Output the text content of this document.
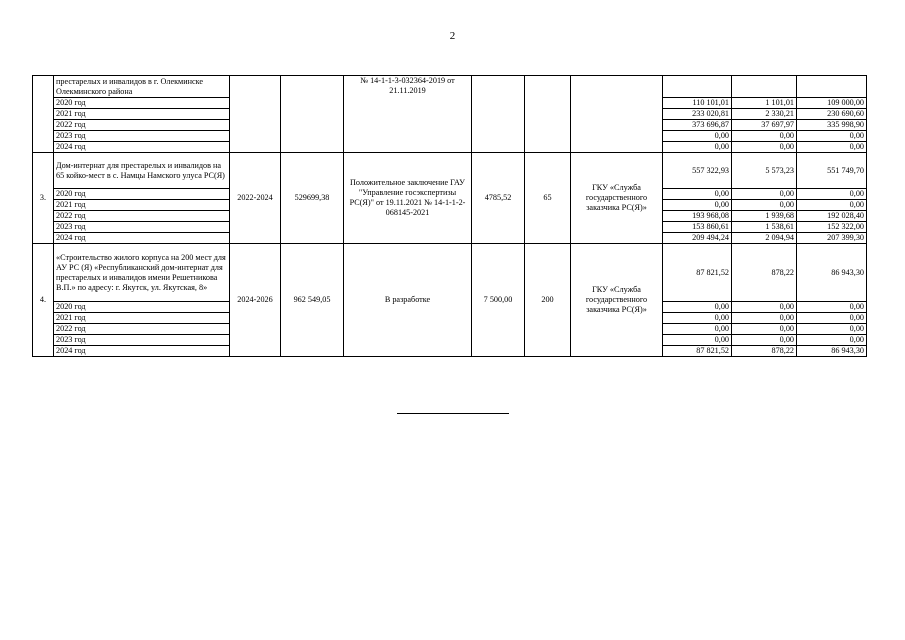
2
	престарелых и инвалидов в г. Олекминске Олекминского района			№ 14-1-1-3-032364-2019 от 21.11.2019						
	2020 год							110 101,01	1 101,01	109 000,00
	2021 год							233 020,81	2 330,21	230 690,60
	2022 год							373 696,87	37 697,97	335 998,90
	2023 год							0,00	0,00	0,00
	2024 год							0,00	0,00	0,00
3.	Дом-интернат для престарелых и инвалидов на 65 койко-мест в с. Намцы Намского улуса РС(Я)	2022-2024	529699,38	Положительное заключение ГАУ "Управление госэкспертизы РС(Я)" от 19.11.2021 № 14-1-1-2-068145-2021	4785,52	65	ГКУ «Служба государственного заказчика РС(Я)»	557 322,93	5 573,23	551 749,70
	2020 год							0,00	0,00	0,00
	2021 год							0,00	0,00	0,00
	2022 год							193 968,08	1 939,68	192 028,40
	2023 год							153 860,61	1 538,61	152 322,00
	2024 год							209 494,24	2 094,94	207 399,30
4.	«Строительство жилого корпуса на 200 мест для АУ РС (Я) «Республиканский дом-интернат для престарелых и инвалидов имени Решетникова В.П.» по адресу: г. Якутск, ул. Якутская, 8»	2024-2026	962 549,05	В разработке	7 500,00	200	ГКУ «Служба государственного заказчика РС(Я)»	87 821,52	878,22	86 943,30
	2020 год							0,00	0,00	0,00
	2021 год							0,00	0,00	0,00
	2022 год							0,00	0,00	0,00
	2023 год							0,00	0,00	0,00
	2024 год							87 821,52	878,22	86 943,30
